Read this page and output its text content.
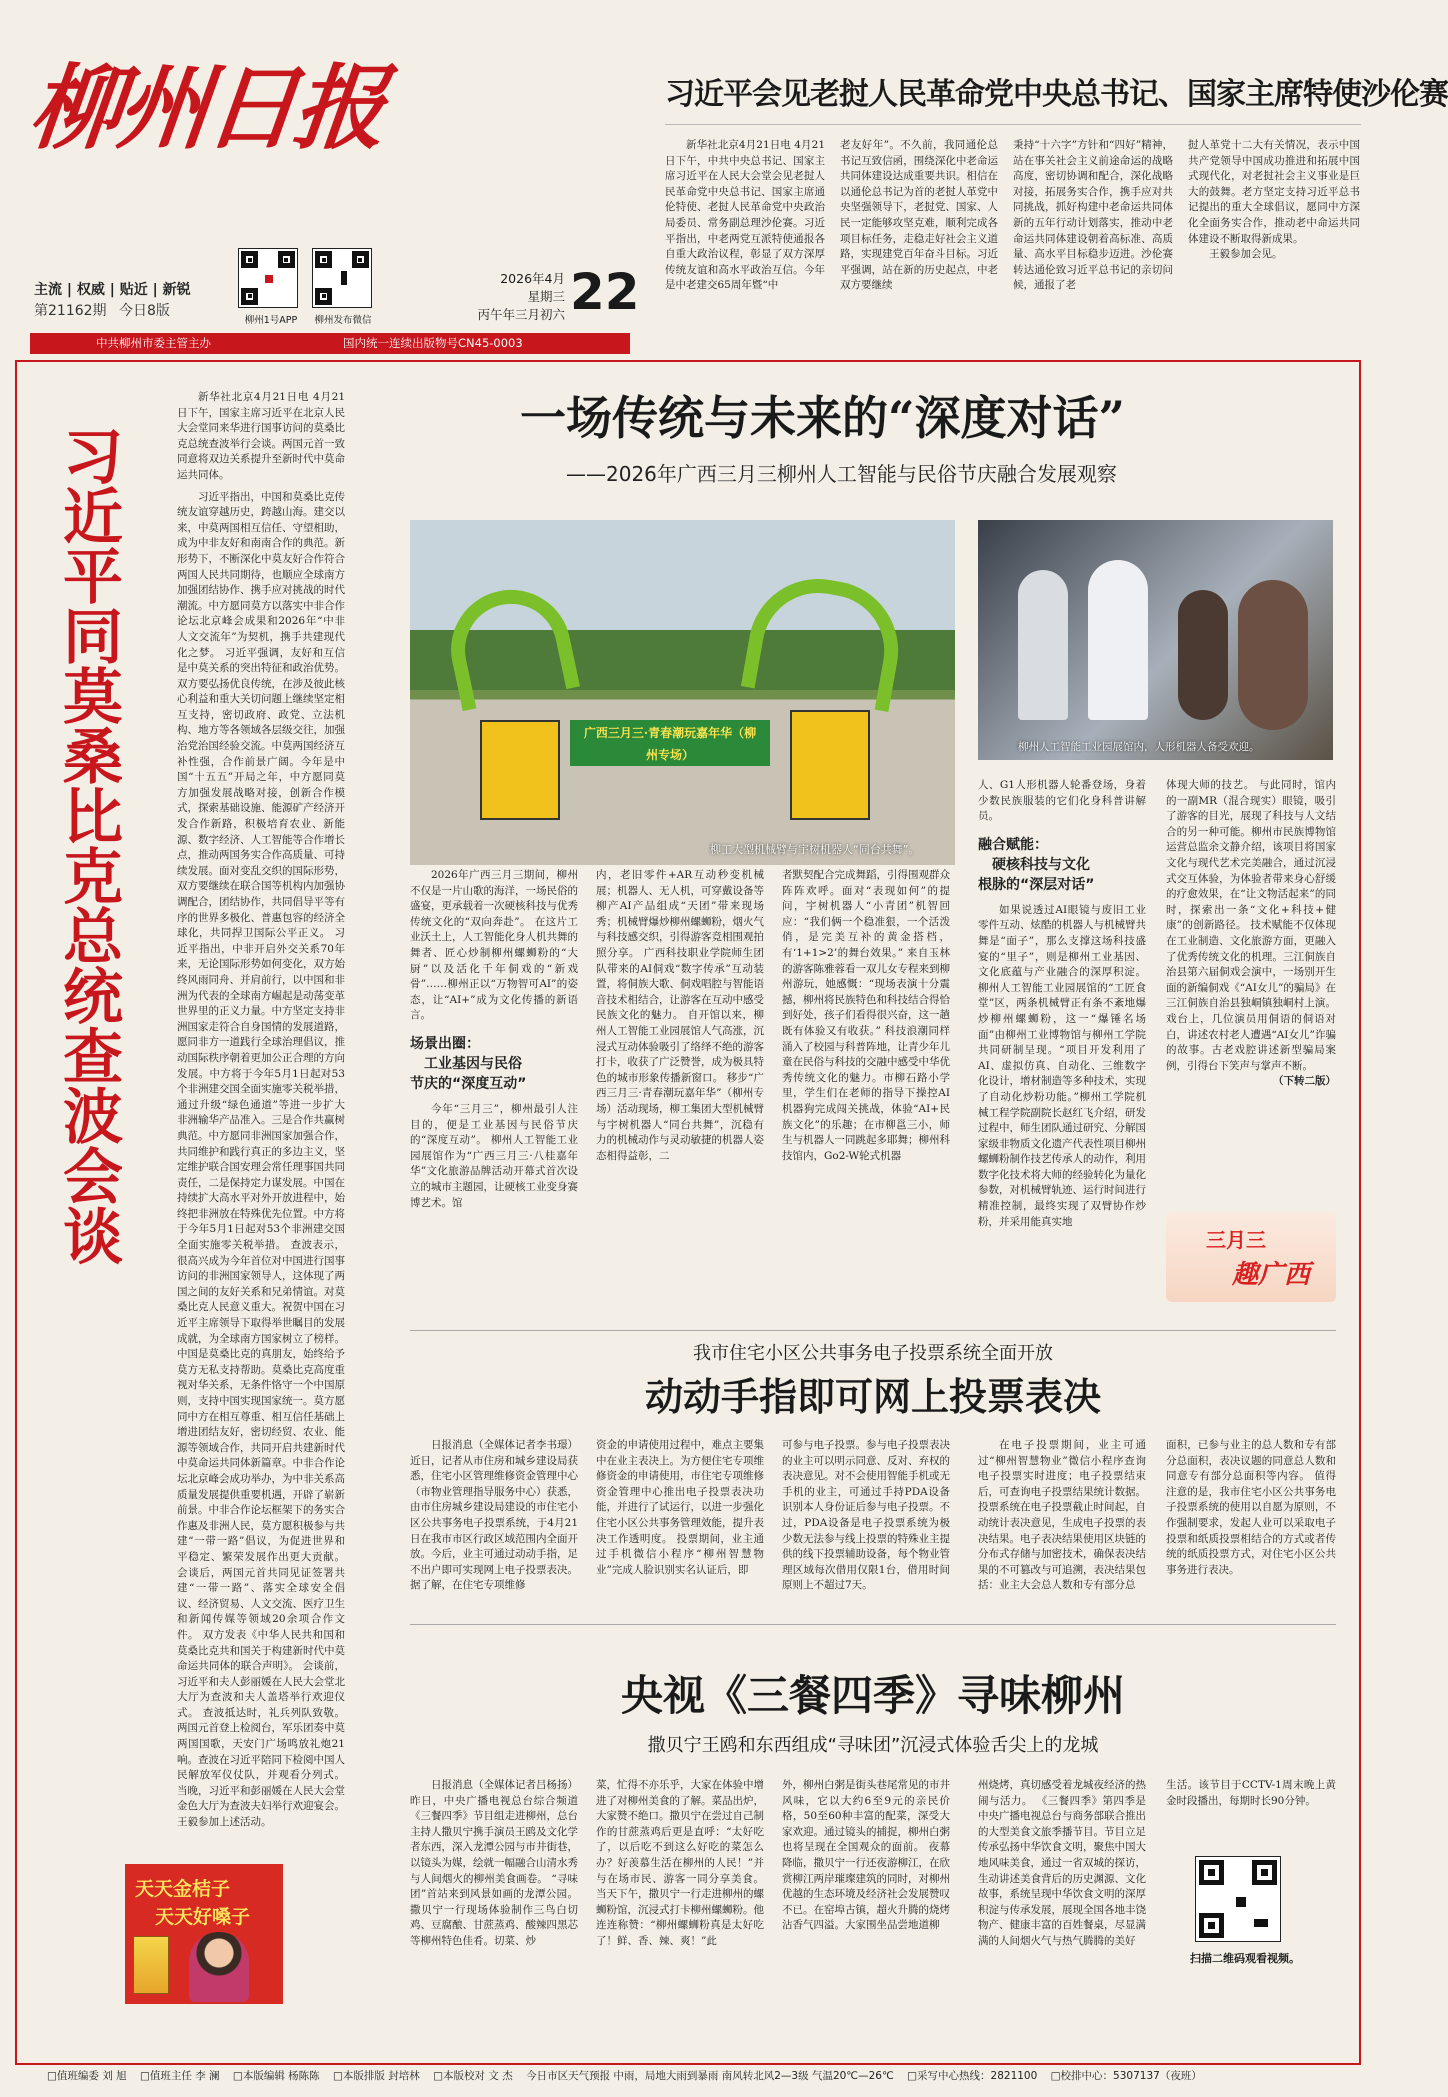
柳州日报
主流 | 权威 | 贴近 | 新锐
第21162期 今日8版
柳州1号APP	柳州发布微信
2026年4月
星期三
丙午年三月初六 22
中共柳州市委主管主办	国内统一连续出版物号CN45-0003
习近平会见老挝人民革命党中央总书记、国家主席特使沙伦赛

新华社北京4月21日电 4月21日下午，中共中央总书记、国家主席习近平在人民大会堂会见老挝人民革命党中央总书记、国家主席通伦特使、老挝人民革命党中央政治局委员、常务副总理沙伦赛。习近平指出，中老两党互派特使通报各自重大政治议程，彰显了双方深厚传统友谊和高水平政治互信。今年是中老建交65周年暨“中

老友好年”。不久前，我同通伦总书记互致信函，围绕深化中老命运共同体建设达成重要共识。相信在以通伦总书记为首的老挝人革党中央坚强领导下，老挝党、国家、人民一定能够攻坚克难，顺利完成各项目标任务，走稳走好社会主义道路，实现建党百年奋斗目标。习近平强调，站在新的历史起点，中老双方要继续

秉持“十六字”方针和“四好”精神，站在事关社会主义前途命运的战略高度，密切协调和配合，深化战略对接，拓展务实合作，携手应对共同挑战，抓好构建中老命运共同体新的五年行动计划落实，推动中老命运共同体建设朝着高标准、高质量、高水平目标稳步迈进。沙伦赛转达通伦致习近平总书记的亲切问候，通报了老

挝人革党十二大有关情况，表示中国共产党领导中国成功推进和拓展中国式现代化，对老挝社会主义事业是巨大的鼓舞。老方坚定支持习近平总书记提出的重大全球倡议，愿同中方深化全面务实合作，推动老中命运共同体建设不断取得新成果。

王毅参加会见。

习近平同莫桑比克总统查波会谈

新华社北京4月21日电 4月21日下午，国家主席习近平在北京人民大会堂同来华进行国事访问的莫桑比克总统查波举行会谈。两国元首一致同意将双边关系提升至新时代中莫命运共同体。

习近平指出，中国和莫桑比克传统友谊穿越历史，跨越山海。建交以来，中莫两国相互信任、守望相助，成为中非友好和南南合作的典范。新形势下，不断深化中莫友好合作符合两国人民共同期待，也顺应全球南方加强团结协作、携手应对挑战的时代潮流。中方愿同莫方以落实中非合作论坛北京峰会成果和2026年“中非人文交流年”为契机，携手共建现代化之梦。 习近平强调，友好和互信是中莫关系的突出特征和政治优势。双方要弘扬优良传统，在涉及彼此核心利益和重大关切问题上继续坚定相互支持，密切政府、政党、立法机构、地方等各领域各层级交往，加强治党治国经验交流。中莫两国经济互补性强，合作前景广阔。今年是中国“十五五”开局之年，中方愿同莫方加强发展战略对接，创新合作模式，探索基础设施、能源矿产经济开发合作新路，积极培育农业、新能源、数字经济、人工智能等合作增长点，推动两国务实合作高质量、可持续发展。面对变乱交织的国际形势，双方要继续在联合国等机构内加强协调配合，团结协作，共同倡导平等有序的世界多极化、普惠包容的经济全球化，共同捍卫国际公平正义。 习近平指出，中非开启外交关系70年来，无论国际形势如何变化，双方始终风雨同舟、并肩前行，以中国和非洲为代表的全球南方崛起是动荡变革世界里的正义力量。中方坚定支持非洲国家走符合自身国情的发展道路，愿同非方一道践行全球治理倡议，推动国际秩序朝着更加公正合理的方向发展。中方将于今年5月1日起对53个非洲建交国全面实施零关税举措，通过升级“绿色通道”等进一步扩大非洲输华产品准入。三是合作共赢树典范。中方愿同非洲国家加强合作，共同维护和践行真正的多边主义，坚定维护联合国安理会常任理事国共同责任，二是保持定力谋发展。中国在持续扩大高水平对外开放进程中，始终把非洲放在特殊优先位置。中方将于今年5月1日起对53个非洲建交国全面实施零关税举措。 查波表示，很高兴成为今年首位对中国进行国事访问的非洲国家领导人，这体现了两国之间的友好关系和兄弟情谊。对莫桑比克人民意义重大。祝贺中国在习近平主席领导下取得举世瞩目的发展成就，为全球南方国家树立了榜样。中国是莫桑比克的真朋友，始终给予莫方无私支持帮助。莫桑比克高度重视对华关系，无条件恪守一个中国原则，支持中国实现国家统一。莫方愿同中方在相互尊重、相互信任基础上增进团结友好，密切经贸、农业、能源等领域合作，共同开启共建新时代中莫命运共同体新篇章。中非合作论坛北京峰会成功举办，为中非关系高质量发展提供重要机遇，开辟了崭新前景。中非合作论坛框架下的务实合作惠及非洲人民，莫方愿积极参与共建“一带一路”倡议，为促进世界和平稳定、繁荣发展作出更大贡献。 会谈后，两国元首共同见证签署共建“一带一路”、落实全球安全倡议、经济贸易、人文交流、医疗卫生和新闻传媒等领域20余项合作文件。 双方发表《中华人民共和国和莫桑比克共和国关于构建新时代中莫命运共同体的联合声明》。 会谈前，习近平和夫人彭丽媛在人民大会堂北大厅为查波和夫人盖塔举行欢迎仪式。 查波抵达时，礼兵列队致敬。两国元首登上检阅台，军乐团奏中莫两国国歌，天安门广场鸣放礼炮21响。查波在习近平陪同下检阅中国人民解放军仪仗队，并观看分列式。 当晚，习近平和彭丽媛在人民大会堂金色大厅为查波夫妇举行欢迎宴会。 王毅参加上述活动。

天天金桔子
天天好嗓子
一场传统与未来的“深度对话”
——2026年广西三月三柳州人工智能与民俗节庆融合发展观察
广西三月三·青春潮玩嘉年华（柳州专场）
柳工大型机械臂与宇树机器人“同台共舞”。
柳州人工智能工业园展馆内，人形机器人备受欢迎。

2026年广西三月三期间，柳州不仅是一片山歌的海洋，一场民俗的盛宴，更承载着一次硬核科技与优秀传统文化的“双向奔赴”。 在这片工业沃土上，人工智能化身人机共舞的舞者、匠心炒制柳州螺蛳粉的“大厨”以及活化千年侗戏的“新戏骨”……柳州正以“万物智可AI”的姿态，让“AI+”成为文化传播的新语言。

场景出圈：
工业基因与民俗
节庆的“深度互动”

今年“三月三”，柳州最引人注目的，便是工业基因与民俗节庆的“深度互动”。 柳州人工智能工业园展馆作为“广西三月三·八桂嘉年华”文化旅游品牌活动开幕式首次设立的城市主题园，让硬核工业变身赛博艺术。馆

内，老旧零件+AR互动秒变机械展；机器人、无人机，可穿戴设备等柳产AI产品组成“天团”带来现场秀；机械臂爆炒柳州螺蛳粉，烟火气与科技感交织，引得游客竞相围观拍照分享。 广西科技职业学院师生团队带来的AI侗戏“数字传承”互动装置，将侗族大歌、侗戏唱腔与智能语音技术相结合，让游客在互动中感受民族文化的魅力。 自开馆以来，柳州人工智能工业园展馆人气高涨，沉浸式互动体验吸引了络绎不绝的游客打卡，收获了广泛赞誉，成为极具特色的城市形象传播新窗口。 移步“广西三月三·青春潮玩嘉年华”（柳州专场）活动现场，柳工集团大型机械臂与宇树机器人“同台共舞”，沉稳有力的机械动作与灵动敏捷的机器人姿态相得益彰，二

者默契配合完成舞蹈，引得围观群众阵阵欢呼。面对“表现如何”的提问，宇树机器人“小青团”机智回应：“我们俩一个稳准狠，一个活泼俏，是完美互补的黄金搭档，有‘1+1>2’的舞台效果。” 来自玉林的游客陈雅蓉看一双儿女专程来到柳州游玩，她感慨：“现场表演十分震撼，柳州将民族特色和科技结合得恰到好处，孩子们看得很兴奋，这一趟既有体验又有收获。” 科技浪潮同样涌入了校园与科普阵地，让青少年儿童在民俗与科技的交融中感受中华优秀传统文化的魅力。市柳石路小学里，学生们在老师的指导下操控AI机器狗完成闯关挑战，体验“AI+民族文化”的乐趣；在市柳邕三小，师生与机器人一同跳起多耶舞；柳州科技馆内，Go2-W轮式机器

人、G1人形机器人轮番登场，身着少数民族服装的它们化身科普讲解员。

融合赋能：
硬核科技与文化
根脉的“深层对话”

如果说透过AI眼镜与废旧工业零件互动、炫酷的机器人与机械臂共舞是“面子”，那么支撑这场科技盛宴的“里子”，则是柳州工业基因、文化底蕴与产业融合的深厚积淀。 柳州人工智能工业园展馆的“工匠食堂”区，两条机械臂正有条不紊地爆炒柳州螺蛳粉，这一“爆锤名场面”由柳州工业博物馆与柳州工学院共同研制呈现。“项目开发利用了AI、虚拟仿真、自动化、三维数字化设计，增材制造等多种技术，实现了自动化炒粉功能。”柳州工学院机械工程学院副院长赵红飞介绍，研发过程中，师生团队通过研究、分解国家级非物质文化遗产代表性项目柳州螺蛳粉制作技艺传承人的动作，利用数字化技术将大师的经验转化为量化参数，对机械臂轨迹、运行时间进行精准控制，最终实现了双臂协作炒粉，并采用能真实地

体现大师的技艺。 与此同时，馆内的一副MR（混合现实）眼镜，吸引了游客的目光，展现了科技与人文结合的另一种可能。柳州市民族博物馆运营总监余文静介绍，该项目将国家文化与现代艺术完美融合，通过沉浸式交互体验，为体验者带来身心舒缓的疗愈效果，在“让文物活起来”的同时，探索出一条“文化+科技+健康”的创新路径。 技术赋能不仅体现在工业制造、文化旅游方面，更融入了优秀传统文化的机理。三江侗族自治县第六届侗戏会演中，一场别开生面的新编侗戏《“AI女儿”的骗局》在三江侗族自治县独峒镇独峒村上演。戏台上，几位演员用侗语的侗语对白，讲述农村老人遭遇“AI女儿”诈骗的故事。古老戏腔讲述新型骗局案例，引得台下笑声与掌声不断。

（下转二版）

三月三
趣广西
我市住宅小区公共事务电子投票系统全面开放
动动手指即可网上投票表决

日报消息（全媒体记者李书璟）近日，记者从市住房和城乡建设局获悉，住宅小区管理维修资金管理中心（市物业管理指导服务中心）获悉，由市住房城乡建设局建设的市住宅小区公共事务电子投票系统，于4月21日在我市市区行政区域范围内全面开放。今后，业主可通过动动手指，足不出户即可实现网上电子投票表决。 据了解，在住宅专项维修

资金的申请使用过程中，难点主要集中在业主表决上。为方便住宅专项维修资金的申请使用，市住宅专项维修资金管理中心推出电子投票表决功能，并进行了试运行，以进一步强化住宅小区公共事务管理效能，提升表决工作透明度。 投票期间，业主通过手机微信小程序“柳州智慧物业”完成人脸识别实名认证后，即

可参与电子投票。参与电子投票表决的业主可以明示同意、反对、弃权的表决意见。对不会使用智能手机或无手机的业主，可通过手持PDA设备识别本人身份证后参与电子投票。不过，PDA设备是电子投票系统为极少数无法参与线上投票的特殊业主提供的线下投票辅助设备，每个物业管理区域每次借用仅限1台，借用时间原则上不超过7天。

在电子投票期间，业主可通过“柳州智慧物业”微信小程序查询电子投票实时进度；电子投票结束后，可查询电子投票结果统计数据。投票系统在电子投票截止时间起，自动统计表决意见，生成电子投票的表决结果。电子表决结果使用区块链的分布式存储与加密技术，确保表决结果的不可篡改与可追溯，表决结果包括：业主大会总人数和专有部分总

面积，已参与业主的总人数和专有部分总面积，表决议题的同意总人数和同意专有部分总面积等内容。 值得注意的是，我市住宅小区公共事务电子投票系统的使用以自愿为原则，不作强制要求，发起人业可以采取电子投票和纸质投票相结合的方式或者传统的纸质投票方式，对住宅小区公共事务进行表决。

央视《三餐四季》寻味柳州
撒贝宁王鸥和东西组成“寻味团”沉浸式体验舌尖上的龙城

日报消息（全媒体记者吕杨扬）昨日，中央广播电视总台综合频道《三餐四季》节目组走进柳州，总台主持人撒贝宁携手演员王鸥及文化学者东西，深入龙潭公园与市井街巷，以镜头为媒，绘就一幅融合山清水秀与人间烟火的柳州美食画卷。 “寻味团”首站来到风景如画的龙潭公园。撒贝宁一行现场体验制作三鸟白切鸡、豆腐酿、甘蔗蒸鸡、酸辣四黑芯等柳州特色佳肴。切菜、炒

菜，忙得不亦乐乎，大家在体验中增进了对柳州美食的了解。菜品出炉，大家赞不绝口。撒贝宁在尝过自己制作的甘蔗蒸鸡后更是直呼：“太好吃了，以后吃不到这么好吃的菜怎么办？好羡慕生活在柳州的人民！”并与在场市民、游客一同分享美食。 当天下午，撒贝宁一行走进柳州的螺蛳粉馆，沉浸式打卡柳州螺蛳粉。他连连称赞：“柳州螺蛳粉真是太好吃了！鲜、香、辣、爽！”此

外，柳州白粥是街头巷尾常见的市井风味，它以大约6至9元的亲民价格，50至60种丰富的配菜，深受大家欢迎。通过镜头的捕捉，柳州白粥也将呈现在全国观众的面前。 夜幕降临，撒贝宁一行还夜游柳江，在欣赏柳江两岸璀璨建筑的同时，对柳州优越的生态环境及经济社会发展赞叹不已。在窑埠古镇，超火升腾的烧烤沾香气四溢。大家围坐品尝地道柳

州烧烤，真切感受着龙城夜经济的热闹与活力。 《三餐四季》第四季是中央广播电视总台与商务部联合推出的大型美食文旅季播节目。节目立足传承弘扬中华饮食文明，聚焦中国大地风味美食，通过一省双城的探访，生动讲述美食背后的历史渊源、文化故事，系统呈现中华饮食文明的深厚积淀与传承发展，展现全国各地丰饶物产、健康丰富的百姓餐桌，尽显满满的人间烟火气与热气腾腾的美好

生活。该节目于CCTV-1周末晚上黄金时段播出，每期时长90分钟。

扫描二维码观看视频。
□值班编委 刘 旭 □值班主任 李 澜 □本版编辑 杨陈陈 □本版排版 封培林 □本版校对 文 杰 今日市区天气预报 中雨，局地大雨到暴雨 南风转北风2—3级 气温20℃—26℃ □采写中心热线：2821100 □校排中心：5307137（夜班）
